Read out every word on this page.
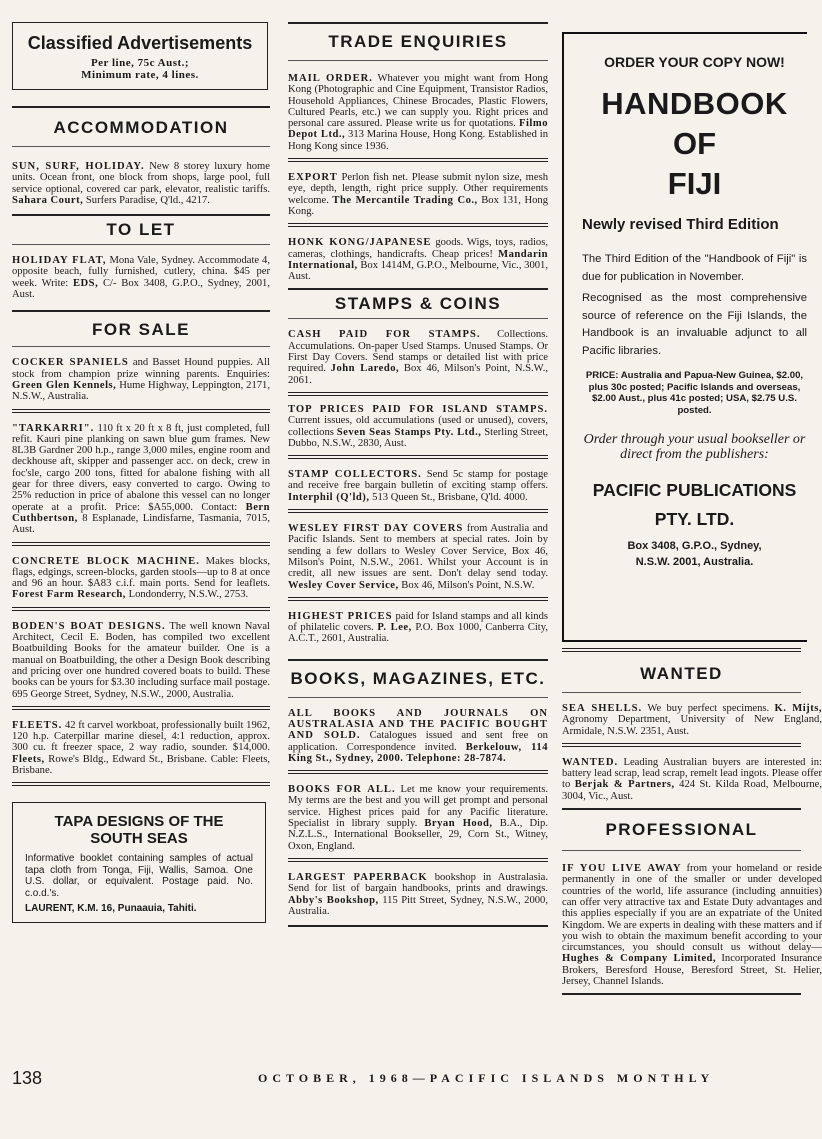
Classified Advertisements
Per line, 75c Aust.;
Minimum rate, 4 lines.
ACCOMMODATION

SUN, SURF, HOLIDAY. New 8 storey luxury home units. Ocean front, one block from shops, large pool, full service optional, covered car park, elevator, realistic tariffs. Sahara Court, Surfers Paradise, Q'ld., 4217.

TO LET

HOLIDAY FLAT, Mona Vale, Sydney. Accommodate 4, opposite beach, fully furnished, cutlery, china. $45 per week. Write: EDS, C/- Box 3408, G.P.O., Sydney, 2001, Aust.

FOR SALE

COCKER SPANIELS and Basset Hound puppies. All stock from champion prize winning parents. Enquiries: Green Glen Kennels, Hume Highway, Leppington, 2171, N.S.W., Australia.

"TARKARRI". 110 ft x 20 ft x 8 ft, just completed, full refit. Kauri pine planking on sawn blue gum frames. New 8L3B Gardner 200 h.p., range 3,000 miles, engine room and deckhouse aft, skipper and passenger acc. on deck, crew in foc'sle, cargo 200 tons, fitted for abalone fishing with all gear for three divers, easy converted to cargo. Owing to 25% reduction in price of abalone this vessel can no longer operate at a profit. Price: $A55,000. Contact: Bern Cuthbertson, 8 Esplanade, Lindisfarne, Tasmania, 7015, Aust.

CONCRETE BLOCK MACHINE. Makes blocks, flags, edgings, screen-blocks, garden stools—up to 8 at once and 96 an hour. $A83 c.i.f. main ports. Send for leaflets. Forest Farm Research, Londonderry, N.S.W., 2753.

BODEN'S BOAT DESIGNS. The well known Naval Architect, Cecil E. Boden, has compiled two excellent Boatbuilding Books for the amateur builder. One is a manual on Boatbuilding, the other a Design Book describing and pricing over one hundred covered boats to build. These books can be yours for $3.30 including surface mail postage. 695 George Street, Sydney, N.S.W., 2000, Australia.

FLEETS. 42 ft carvel workboat, professionally built 1962, 120 h.p. Caterpillar marine diesel, 4:1 reduction, approx. 300 cu. ft freezer space, 2 way radio, sounder. $14,000. Fleets, Rowe's Bldg., Edward St., Brisbane. Cable: Fleets, Brisbane.

TAPA DESIGNS OF THE
SOUTH SEAS
Informative booklet containing samples of actual tapa cloth from Tonga, Fiji, Wallis, Samoa. One U.S. dollar, or equivalent. Postage paid. No. c.o.d.'s.
LAURENT, K.M. 16, Punaauia, Tahiti.
TRADE ENQUIRIES

MAIL ORDER. Whatever you might want from Hong Kong (Photographic and Cine Equipment, Transistor Radios, Household Appliances, Chinese Brocades, Plastic Flowers, Cultured Pearls, etc.) we can supply you. Right prices and personal care assured. Please write us for quotations. Filmo Depot Ltd., 313 Marina House, Hong Kong. Established in Hong Kong since 1936.

EXPORT Perlon fish net. Please submit nylon size, mesh eye, depth, length, right price supply. Other requirements welcome. The Mercantile Trading Co., Box 131, Hong Kong.

HONK KONG/JAPANESE goods. Wigs, toys, radios, cameras, clothings, handicrafts. Cheap prices! Mandarin International, Box 1414M, G.P.O., Melbourne, Vic., 3001, Aust.

STAMPS & COINS

CASH PAID FOR STAMPS. Collections. Accumulations. On-paper Used Stamps. Unused Stamps. Or First Day Covers. Send stamps or detailed list with price required. John Laredo, Box 46, Milson's Point, N.S.W., 2061.

TOP PRICES PAID FOR ISLAND STAMPS. Current issues, old accumulations (used or unused), covers, collections Seven Seas Stamps Pty. Ltd., Sterling Street, Dubbo, N.S.W., 2830, Aust.

STAMP COLLECTORS. Send 5c stamp for postage and receive free bargain bulletin of exciting stamp offers. Interphil (Q'ld), 513 Queen St., Brisbane, Q'ld. 4000.

WESLEY FIRST DAY COVERS from Australia and Pacific Islands. Sent to members at special rates. Join by sending a few dollars to Wesley Cover Service, Box 46, Milson's Point, N.S.W., 2061. Whilst your Account is in credit, all new issues are sent. Don't delay send today. Wesley Cover Service, Box 46, Milson's Point, N.S.W.

HIGHEST PRICES paid for Island stamps and all kinds of philatelic covers. P. Lee, P.O. Box 1000, Canberra City, A.C.T., 2601, Australia.

BOOKS, MAGAZINES, ETC.

ALL BOOKS AND JOURNALS ON AUSTRALASIA AND THE PACIFIC BOUGHT AND SOLD. Catalogues issued and sent free on application. Correspondence invited. Berkelouw, 114 King St., Sydney, 2000. Telephone: 28-7874.

BOOKS FOR ALL. Let me know your requirements. My terms are the best and you will get prompt and personal service. Highest prices paid for any Pacific literature. Specialist in library supply. Bryan Hood, B.A., Dip. N.Z.L.S., International Bookseller, 29, Corn St., Witney, Oxon, England.

LARGEST PAPERBACK bookshop in Australasia. Send for list of bargain handbooks, prints and drawings. Abby's Bookshop, 115 Pitt Street, Sydney, N.S.W., 2000, Australia.

ORDER YOUR COPY NOW!
HANDBOOK
OF
FIJI
Newly revised Third Edition
The Third Edition of the "Handbook of Fiji" is due for publication in November.
Recognised as the most comprehensive source of reference on the Fiji Islands, the Handbook is an invaluable adjunct to all Pacific libraries.
PRICE: Australia and Papua-New Guinea, $2.00, plus 30c posted; Pacific Islands and overseas, $2.00 Aust., plus 41c posted; USA, $2.75 U.S. posted.
Order through your usual bookseller or direct from the publishers:
PACIFIC PUBLICATIONS
PTY. LTD.
Box 3408, G.P.O., Sydney,
N.S.W. 2001, Australia.
WANTED

SEA SHELLS. We buy perfect specimens. K. Mijts, Agronomy Department, University of New England, Armidale, N.S.W. 2351, Aust.

WANTED. Leading Australian buyers are interested in: battery lead scrap, lead scrap, remelt lead ingots. Please offer to Berjak & Partners, 424 St. Kilda Road, Melbourne, 3004, Vic., Aust.

PROFESSIONAL

IF YOU LIVE AWAY from your homeland or reside permanently in one of the smaller or under developed countries of the world, life assurance (including annuities) can offer very attractive tax and Estate Duty advantages and this applies especially if you are an expatriate of the United Kingdom. We are experts in dealing with these matters and if you wish to obtain the maximum benefit according to your circumstances, you should consult us without delay—Hughes & Company Limited, Incorporated Insurance Brokers, Beresford House, Beresford Street, St. Helier, Jersey, Channel Islands.

138	OCTOBER, 1968—PACIFIC ISLANDS MONTHLY
